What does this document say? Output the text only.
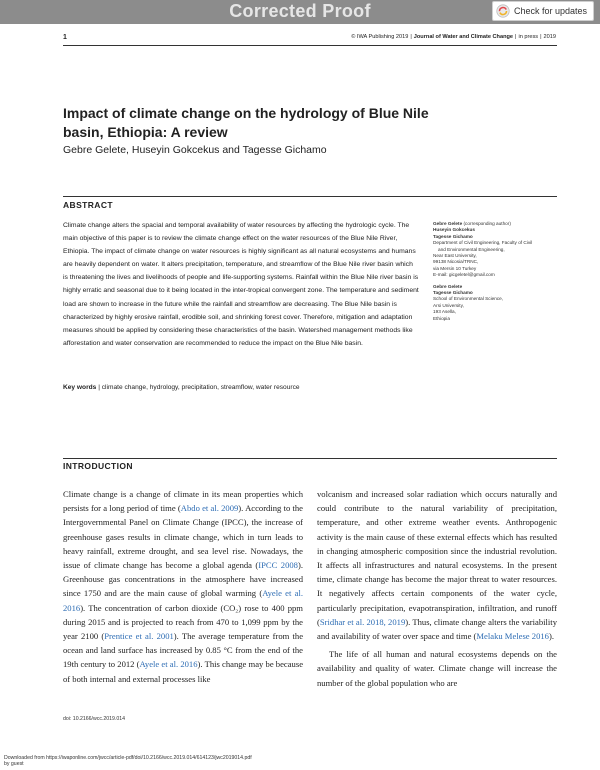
Corrected Proof	Check for updates
1	© IWA Publishing 2019 | Journal of Water and Climate Change | in press | 2019
Impact of climate change on the hydrology of Blue Nile basin, Ethiopia: A review
Gebre Gelete, Huseyin Gokcekus and Tagesse Gichamo
ABSTRACT
Climate change alters the spacial and temporal availability of water resources by affecting the hydrologic cycle. The main objective of this paper is to review the climate change effect on the water resources of the Blue Nile River, Ethiopia. The impact of climate change on water resources is highly significant as all natural ecosystems and humans are heavily dependent on water. It alters precipitation, temperature, and streamflow of the Blue Nile river basin which is threatening the lives and livelihoods of people and life-supporting systems. Rainfall within the Blue Nile river basin is highly erratic and seasonal due to it being located in the inter-tropical convergent zone. The temperature and sediment load are shown to increase in the future while the rainfall and streamflow are decreasing. The Blue Nile basin is characterized by highly erosive rainfall, erodible soil, and shrinking forest cover. Therefore, mitigation and adaptation measures should be applied by considering these characteristics of the basin. Watershed management methods like afforestation and water conservation are recommended to reduce the impact on the Blue Nile basin.
Key words | climate change, hydrology, precipitation, streamflow, water resource
Gebre Gelete (corresponding author)
Huseyin Gokcekus
Tagesse Gichamo
Department of Civil Engineering, Faculty of Civil
and Environmental Engineering,
Near East University,
99138 Nicosia/TRNC,
via Mersin 10 Turkey
E-mail: gicgeletel@gmail.com
Gebre Gelete
Tagesse Gichamo
School of Environmental Science,
Arsi University,
193 Asella,
Ethiopia
INTRODUCTION

Climate change is a change of climate in its mean properties which persists for a long period of time (Abdo et al. 2009). According to the Intergovernmental Panel on Climate Change (IPCC), the increase of greenhouse gases results in climate change, which in turn leads to heavy rainfall, extreme drought, and sea level rise. Nowadays, the issue of climate change has become a global agenda (IPCC 2008). Greenhouse gas concentrations in the atmosphere have increased since 1750 and are the main cause of global warming (Ayele et al. 2016). The concentration of carbon dioxide (CO₂) rose to 400 ppm during 2015 and is projected to reach from 470 to 1,099 ppm by the year 2100 (Prentice et al. 2001). The average temperature from the ocean and land surface has increased by 0.85 °C from the end of the 19th century to 2012 (Ayele et al. 2016). This change may be because of both internal and external processes like

volcanism and increased solar radiation which occurs naturally and could contribute to the natural variability of precipitation, temperature, and other extreme weather events. Anthropogenic activity is the main cause of these external effects which has resulted in changing atmospheric composition since the industrial revolution. It affects all infrastructures and natural ecosystems. In the present time, climate change has become the major threat to water resources. It negatively affects certain components of the water cycle, particularly precipitation, evapotranspiration, infiltration, and runoff (Sridhar et al. 2018, 2019). Thus, climate change alters the variability and availability of water over space and time (Melaku Melese 2016).

The life of all human and natural ecosystems depends on the availability and quality of water. Climate change will increase the number of the global population who are

doi: 10.2166/wcc.2019.014
Downloaded from https://iwaponline.com/jwcc/article-pdf/doi/10.2166/wcc.2019.014/614123/jwc2019014.pdf
by guest
